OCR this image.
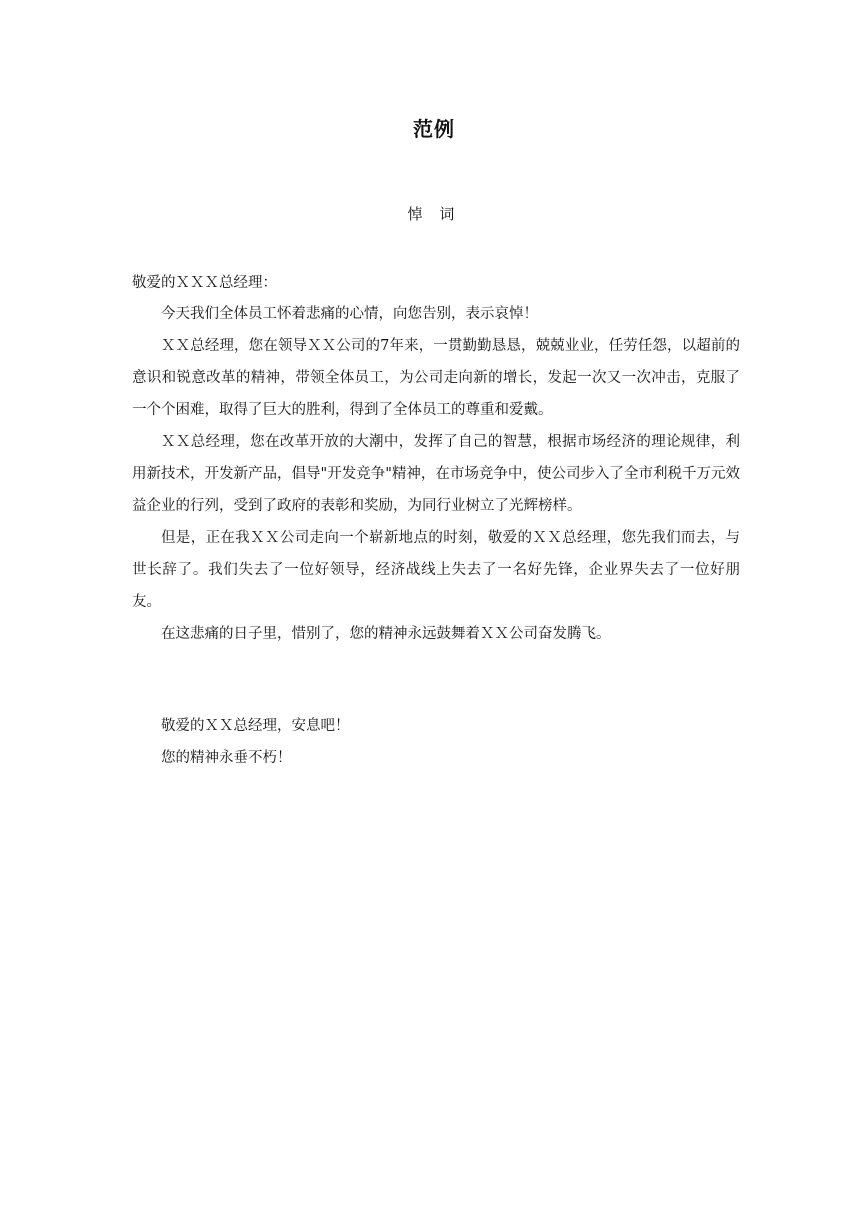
范例
悼 词
敬爱的ＸＸＸ总经理：

今天我们全体员工怀着悲痛的心情，向您告别，表示哀悼！

ＸＸ总经理，您在领导ＸＸ公司的7年来，一贯勤勤恳恳，兢兢业业，任劳任怨，以超前的意识和锐意改革的精神，带领全体员工，为公司走向新的增长，发起一次又一次冲击，克服了一个个困难，取得了巨大的胜利，得到了全体员工的尊重和爱戴。

ＸＸ总经理，您在改革开放的大潮中，发挥了自己的智慧，根据市场经济的理论规律，利用新技术，开发新产品，倡导"开发竞争"精神，在市场竞争中，使公司步入了全市利税千万元效益企业的行列，受到了政府的表彰和奖励，为同行业树立了光辉榜样。

但是，正在我ＸＸ公司走向一个崭新地点的时刻，敬爱的ＸＸ总经理，您先我们而去，与世长辞了。我们失去了一位好领导，经济战线上失去了一名好先锋，企业界失去了一位好朋友。

在这悲痛的日子里，惜别了，您的精神永远鼓舞着ＸＸ公司奋发腾飞。

敬爱的ＸＸ总经理，安息吧！

您的精神永垂不朽！
